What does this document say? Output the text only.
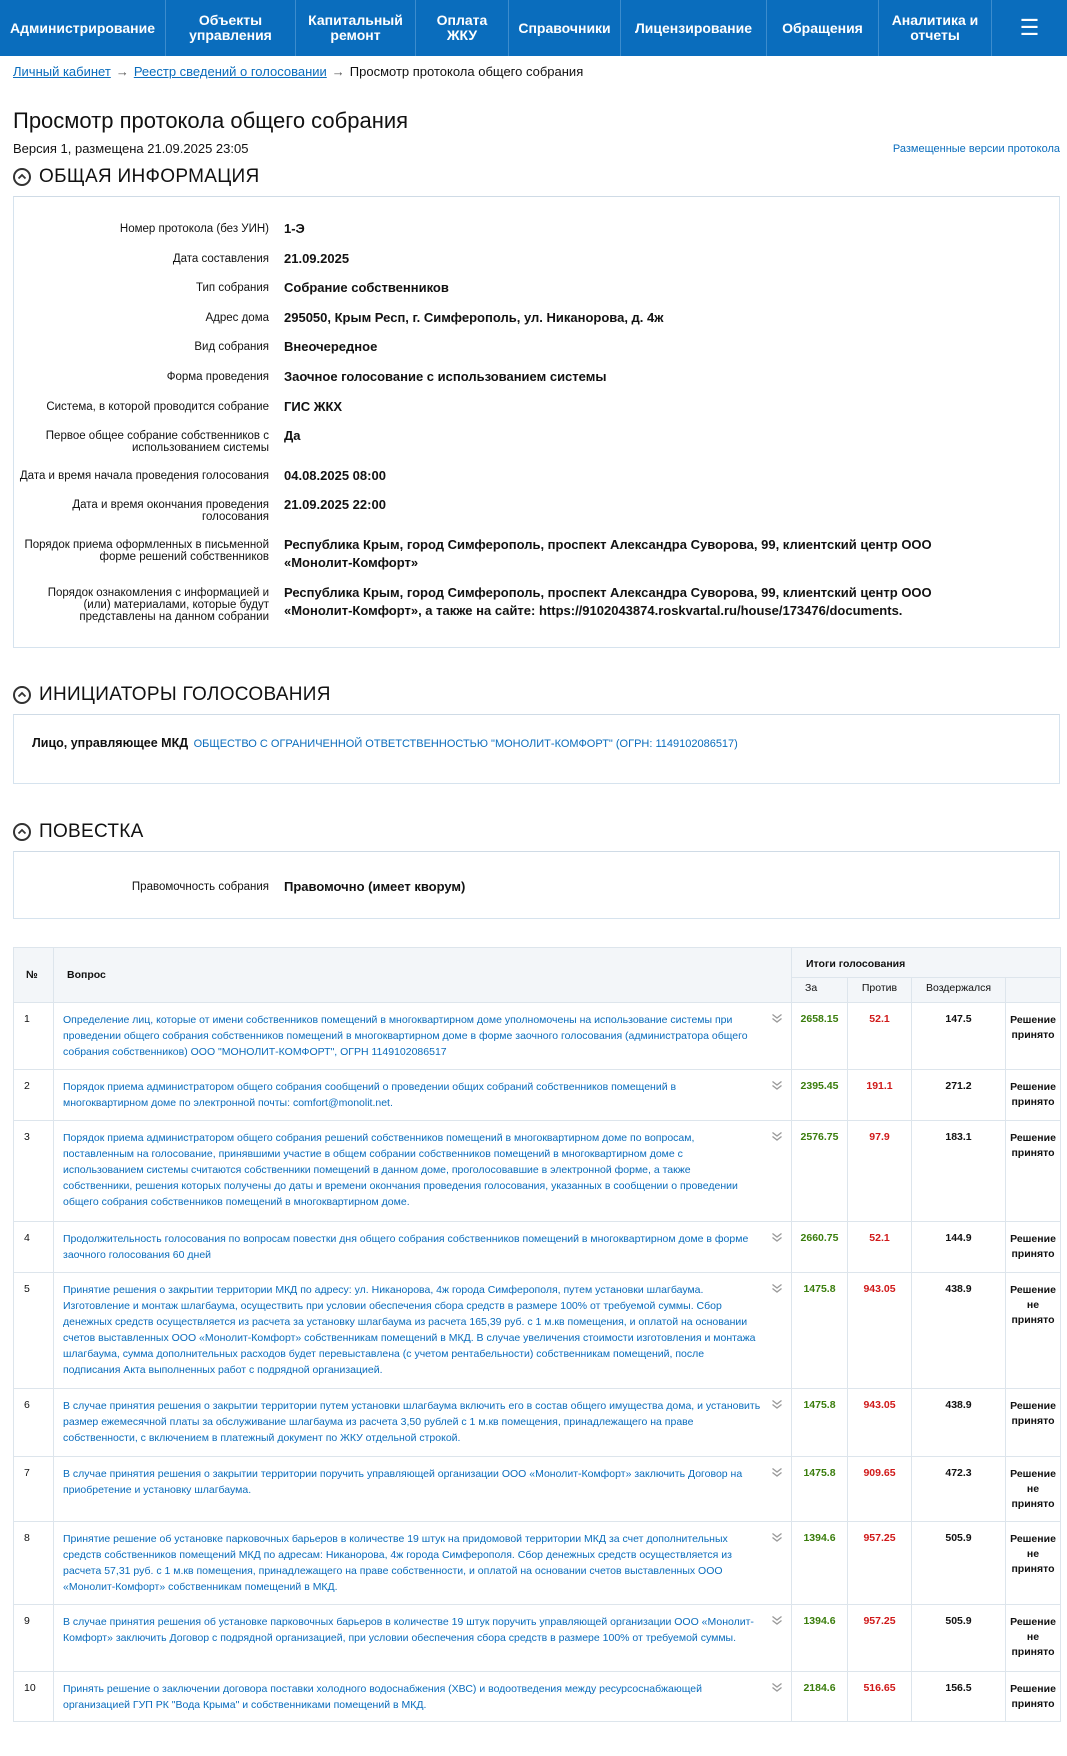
Администрирование	Объекты управления
Капитальный ремонт
Оплата ЖКУ	Справочники	Лицензирование	Обращения	Аналитика и отчеты	☰
Личный кабинет → Реестр сведений о голосовании → Просмотр протокола общего собрания
Просмотр протокола общего собрания
Версия 1, размещена 21.09.2025 23:05	Размещенные версии протокола
ОБЩАЯ ИНФОРМАЦИЯ
Номер протокола (без УИН) 1-Э
Дата составления 21.09.2025
Тип собрания Собрание собственников
Адрес дома 295050, Крым Респ, г. Симферополь, ул. Никанорова, д. 4ж
Вид собрания Внеочередное
Форма проведения Заочное голосование с использованием системы
Система, в которой проводится собрание ГИС ЖКХ
Первое общее собрание собственников с использованием системы
Да
Дата и время начала проведения голосования 04.08.2025 08:00
Дата и время окончания проведения голосования
21.09.2025 22:00
Порядок приема оформленных в письменной форме решений собственников
Республика Крым, город Симферополь, проспект Александра Суворова, 99, клиентский центр ООО «Монолит-Комфорт»
Порядок ознакомления с информацией и (или) материалами, которые будут представлены на данном собрании
Республика Крым, город Симферополь, проспект Александра Суворова, 99, клиентский центр ООО «Монолит-Комфорт», а также на сайте: https://9102043874.roskvartal.ru/house/173476/documents.
ИНИЦИАТОРЫ ГОЛОСОВАНИЯ
Лицо, управляющее МКД ОБЩЕСТВО С ОГРАНИЧЕННОЙ ОТВЕТСТВЕННОСТЬЮ "МОНОЛИТ-КОМФОРТ" (ОГРН: 1149102086517)
ПОВЕСТКА
Правомочность собрания Правомочно (имеет кворум)
№	Вопрос	Итоги голосования			
		За	Против	Воздержался	
1	Определение лиц, которые от имени собственников помещений в многоквартирном доме уполномочены на использование системы при проведении общего собрания собственников помещений в многоквартирном доме в форме заочного голосования (администратора общего собрания собственников) ООО "МОНОЛИТ-КОМФОРТ", ОГРН 1149102086517	2658.15	52.1	147.5	Решение принято
2	Порядок приема администратором общего собрания сообщений о проведении общих собраний собственников помещений в многоквартирном доме по электронной почты: comfort@monolit.net.	2395.45	191.1	271.2	Решение принято
3	Порядок приема администратором общего собрания решений собственников помещений в многоквартирном доме по вопросам, поставленным на голосование, принявшими участие в общем собрании собственников помещений в многоквартирном доме с использованием системы считаются собственники помещений в данном доме, проголосовавшие в электронной форме, а также собственники, решения которых получены до даты и времени окончания проведения голосования, указанных в сообщении о проведении общего собрания собственников помещений в многоквартирном доме.	2576.75	97.9	183.1	Решение принято
4	Продолжительность голосования по вопросам повестки дня общего собрания собственников помещений в многоквартирном доме в форме заочного голосования 60 дней	2660.75	52.1	144.9	Решение принято
5	Принятие решения о закрытии территории МКД по адресу: ул. Никанорова, 4ж города Симферополя, путем установки шлагбаума. Изготовление и монтаж шлагбаума, осуществить при условии обеспечения сбора средств в размере 100% от требуемой суммы. Сбор денежных средств осуществляется из расчета за установку шлагбаума из расчета 165,39 руб. с 1 м.кв помещения, и оплатой на основании счетов выставленных ООО «Монолит-Комфорт» собственникам помещений в МКД. В случае увеличения стоимости изготовления и монтажа шлагбаума, сумма дополнительных расходов будет перевыставлена (с учетом рентабельности) собственникам помещений, после подписания Акта выполненных работ с подрядной организацией.	1475.8	943.05	438.9	Решение не принято
6	В случае принятия решения о закрытии территории путем установки шлагбаума включить его в состав общего имущества дома, и установить размер ежемесячной платы за обслуживание шлагбаума из расчета 3,50 рублей с 1 м.кв помещения, принадлежащего на праве собственности, с включением в платежный документ по ЖКУ отдельной строкой.	1475.8	943.05	438.9	Решение принято
7	В случае принятия решения о закрытии территории поручить управляющей организации ООО «Монолит-Комфорт» заключить Договор на приобретение и установку шлагбаума.	1475.8	909.65	472.3	Решение не принято
8	Принятие решение об установке парковочных барьеров в количестве 19 штук на придомовой территории МКД за счет дополнительных средств собственников помещений МКД по адресам: Никанорова, 4ж города Симферополя. Сбор денежных средств осуществляется из расчета 57,31 руб. с 1 м.кв помещения, принадлежащего на праве собственности, и оплатой на основании счетов выставленных ООО «Монолит-Комфорт» собственникам помещений в МКД.	1394.6	957.25	505.9	Решение не принято
9	В случае принятия решения об установке парковочных барьеров в количестве 19 штук поручить управляющей организации ООО «Монолит-Комфорт» заключить Договор с подрядной организацией, при условии обеспечения сбора средств в размере 100% от требуемой суммы.	1394.6	957.25	505.9	Решение не принято
10	Принять решение о заключении договора поставки холодного водоснабжения (ХВС) и водоотведения между ресурсоснабжающей организацией ГУП РК "Вода Крыма" и собственниками помещений в МКД.	2184.6	516.65	156.5	Решение принято
